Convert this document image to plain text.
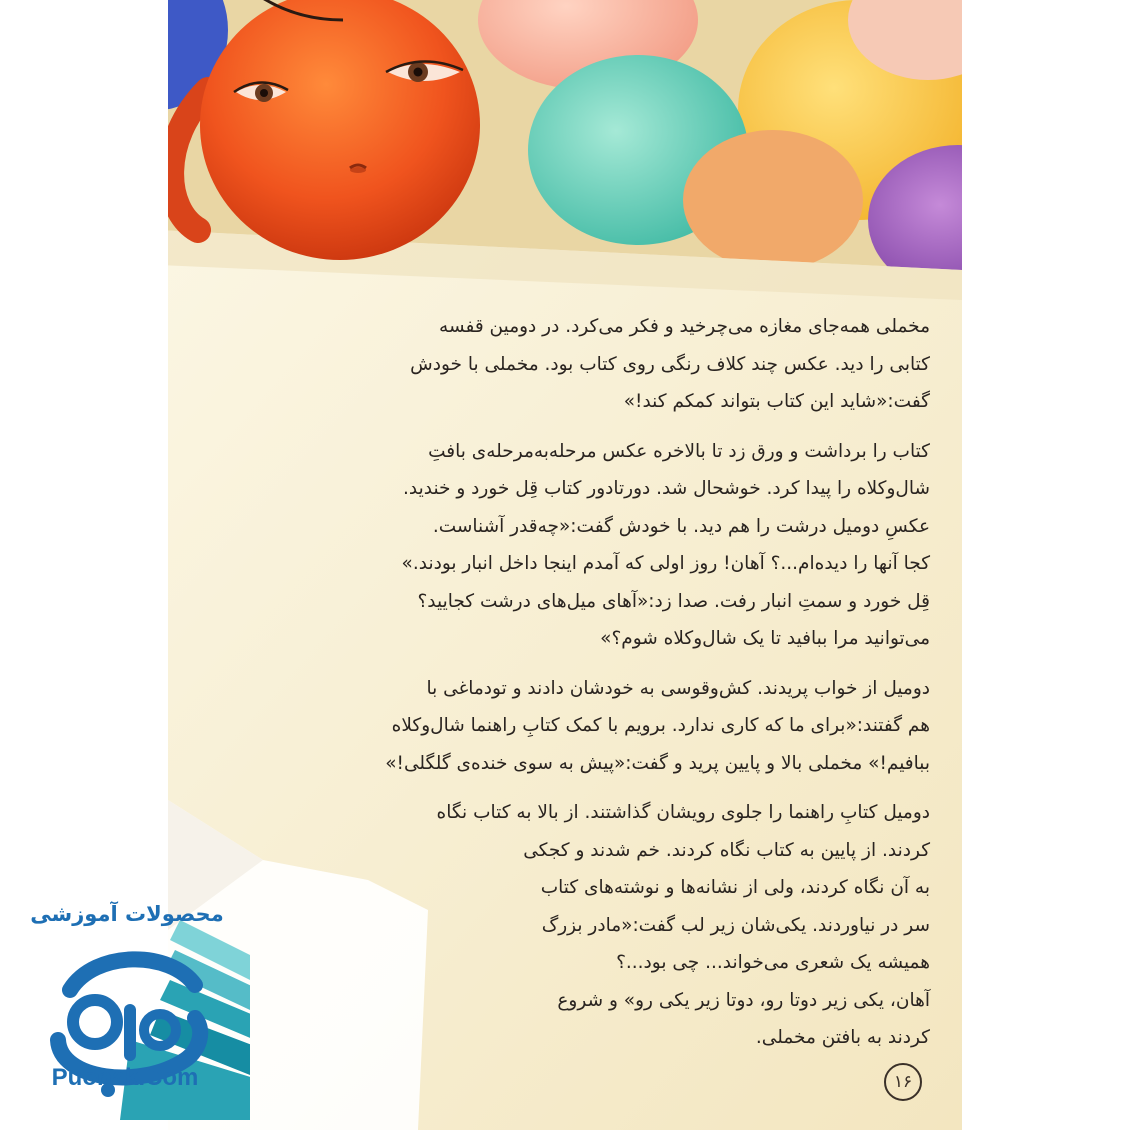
مخملی همه‌جای مغازه می‌چرخید و فکر می‌کرد. در دومین قفسه
کتابی را دید. عکس چند کلاف رنگی روی کتاب بود. مخملی با خودش
گفت:«شاید این کتاب بتواند کمکم کند!»

کتاب را برداشت و ورق زد تا بالاخره عکس مرحله‌به‌مرحله‌ی بافتِ
شال‌وکلاه را پیدا کرد. خوشحال شد. دورتادور کتاب قِل خورد و خندید.
عکسِ دومیل درشت را هم دید. با خودش گفت:«چه‌قدر آشناست.
کجا آنها را دیده‌ام...؟ آهان! روز اولی که آمدم اینجا داخل انبار بودند.»
قِل خورد و سمتِ انبار رفت. صدا زد:«آهای میل‌های درشت کجایید؟
می‌توانید مرا ببافید تا یک شال‌وکلاه شوم؟»

دومیل از خواب پریدند. کش‌وقوسی به خودشان دادند و تودماغی با
هم گفتند:«برای ما که کاری ندارد. برویم با کمک کتابِ راهنما شال‌وکلاه
ببافیم!» مخملی بالا و پایین پرید و گفت:«پیش به سوی خنده‌ی گلگلی!»

دومیل کتابِ راهنما را جلوی رویشان گذاشتند. از بالا به کتاب نگاه
کردند. از پایین به کتاب نگاه کردند. خم شدند و کجکی
به آن نگاه کردند، ولی از نشانه‌ها و نوشته‌های کتاب
سر در نیاوردند. یکی‌شان زیر لب گفت:«مادر بزرگ
همیشه یک شعری می‌خواند... چی بود...؟
آهان، یکی زیر دوتا رو، دوتا زیر یکی رو» و شروع
کردند به بافتن مخملی.

۱۶
محصولات آموزشی
Puonak.Com
